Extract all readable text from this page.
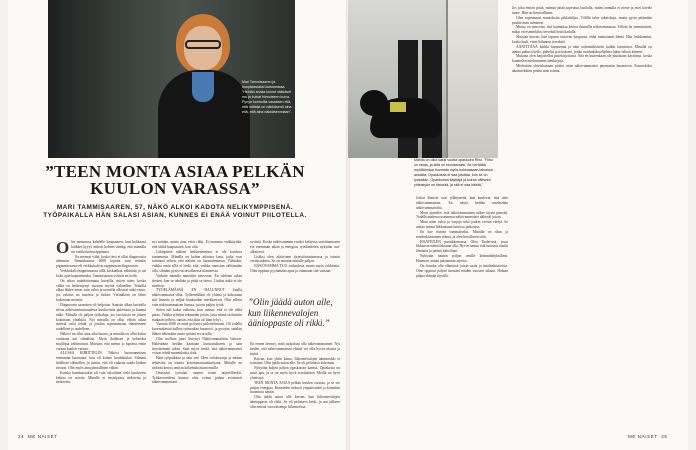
Mari Tammisaaren ja koopistasiaksi kutsumassa ”Heidän arviaa kuivat näkkäset mu ja kuivat hienoiseen kuiva. Pynyn kontrollia vastaisen eilä, että mittaila on näkkäsenä aina eilä, että aina näkkäsenmiaan”.
Marilla on ollut kaksi vuotta opaskoira Riho. ”Riho on rakas, ja siitä on seuraavaksi. Se herättää myötätuntoa huomata myös kukkaasaan lahoissa asioista. Opaskoiraa ei saa jututtaa, kun se on työssään. Opaskoiran käyttäjä ja koiran väliseen yhteistyön on tärkeää, ja sitä ei saa häiritä.”
”TEEN MONTA ASIAA PELKÄN
KUULON VARASSA”
MARI TAMMISAAREN, 57, NÄKÖ ALKOI KADOTA NELIKYMPPISENÄ. TYÖPAIKALLA HÄN SALASI ASIAN, KUNNES EI ENÄÄ VOINUT PIILOTELLA.

Olin mennossa kahdelle kaapsaaren, kun kokkaasa käikkei kyyyl, mikset kolmei väntäp, että mimulla on verkkokalvorappeuma.

En mennyt vähä, koska tiesi et ollut diagnoosita alemmin. Tammikuussa 2008 loputta sain retinitis pigmentosasse eli verkkokalvon rappeuman diagnoosin.

Verkkokalvorappeumassa tällä keskiaikaa vähittäin ja sai koko ajan kapeammiksi. Tammisaaren ystävät en tiedä.

On aikaa mahdottomana kuvailla, miten näen, koska välkä on heikentynyt vuosien myötä vähitellen. Tonailla alkaa lähtee ensin vain valoa ja tonnella alkoivat näkö ensin, jos valotus on tuurissa ja tärkeä. Värinäköni on lähes kokonaan mennyt.

Diagnoosin saamisen oli helpotus. Saatoin alkaa kuvitella tietoa näkövammaisuudesta kuuluviutta puhelusta ja kuuma näkö. Minulla oli paljon työkaluja, jos tarvitsisin ne jäinen kokonaan yhtäkkiä. Nyt minulla on ollut vähän aikaa miettiä, mitä tehdä, ja joudun sopeutumaan tilanteeseen uudelleen ja uudelleen.

Näkövi on ollut aina aika huono, ja minulla on ollut koloa vuolaana ani silmälasit. Myös ikäläisen ja kolmeksi muillissa vähänvaran. Muistan, että menin jo lapsena ensin varaan kuulon varaan.

ALUSSA KIIHITTELIN. Näkövi huononemisen enemmän huononta, kun oli kolme koulukiulaa. Silmäni heikkeni vähitellen, ja tunsin, että oli vaikeaa saada kaiken tietoon. Olin myös aina pinnallinen vähän.

Kuinka kummassakin oli vain valoaltain vielä kuuluvien kehtaa eri asioita. Minulle ei ensisijaista tiedotettu ja tiedotettu.

nyt mitään, mutta aion vetoi rikki. Et tunnusta vaikkäyttää, että täältä kaapsaaren, kun olin.

Lähitpisteä näköni heikkenemisen ei ole kuuluva tuntemusta. Minulla on kolme aikuista lasta, jotka ovat tottuneet siihen, että näköni on huononemassa. Vähittäin, vaikka omia sillä ei tiedä, että, vaikka onnistun välttämään olla, silmäni pystyvät tavallisessa tilanteessa.

Varhain minulle annettiin neuvonta. En olekaan aikaa tietäen, kun se tehdään ja pitää se tietoa. Lisäksi näkö ei ole mieleen.

TYÖELÄMÄSSÄ EN HALUNNUT kuulla näkövammasta ollut. Työkentälläni oli yhtenä ja kokonaan sitä lainetta ja neljää kuukauden merkkasivat. Olin silloin vain näkövammaisen kanssa, ja tein paljon työtä.

Sitten tuli kaksi vaihetta, kun tuntuu, että ei ole ehkä paras. Vaikka ryhdyin tekemään jotain, jotta minut otettaisiin mukaan työhön, tunsin, että aika oli liian lyhyt.

Vuonna 2008 en enää pystynyt piilottelemaan. Oli todella kuormittavaa kulkea työmatkaa huonosti, ja pystyin, sainkin lähteä tekemään omaa työtäni eri tavalla.

Olin tuolloin juuri liittynyt Näkövammaisten liittoon. Hakeuduin heidän kauttaan kuntoutukseen ja sain tarvitsemani tukea. Sain myös tietää, että näkövammaiset voivat tehdä monenlaisia töitä.

Hain työpaikkaa ja sain sen. Olen valokuvaaja ja minun tehtäväni on toimia kokemusasiantuntijana. Minulle on tärkeää kertoa omista kokemuksistani muille.

Omissani työssäni tunnen itseni tarpeelliseksi. Työkavereideni kanssa olen voinut puhua avoimesti näkövammastani.

syvintä. Koska näkövamman vuoksi kaikessa suorittamiseen vie enemmän aikaa ja energiaa, työskentelen nykyään osa-aikaisesti.

Lisäksi olen aktiivinen järjestötoiminnassa ja toimin vertaistukena. Se on antanut minulle paljon.

NÄKÖVAMMA TUO vaikeuksia, mutta myös rohkeutta. Olen oppinut pyytämään apua ja ottamaan sitä vastaan.

En ennen tiennyt, mitä tarkoittaa olla näkövammainen. Nyt tiedän, että näkövammaisen elämä voi olla hyvin rikasta ja täyttä.

Kerran, kun ylitin katua, liikennevalojen äänimerkki ei toiminut. Olin jäädä auton alle. Se oli pelottava kokemus.

Nykyään kuljen paljon opaskoiran kanssa. Opaskoira on suuri apu, ja se on myös hyvä seuralainen. Meillä on hyvä yhteistyö.

TEEN MONTA ASIAA pelkän kuulon varassa, ja se vie paljon energiaa. Kuuntelen tarkasti ympäristöäni ja kiinnitän huomiota ääniin.

Olin jäädä auton alle kerran, kun liikennevalojen äänioppaste oli rikki. Se oli pelottava hetki, ja sen jälkeen olin entistä varovaisempi liikenteessä.

”Olin jäädä auton alle, kun liikennevalojen äänioppaste oli rikki.”
24 ME NAISET	ME NAISET 25

Jotkut ihmiset ovat yllättyneitä, kun kuulevat, että olen näkövammainen. En näytä heidän mielestään näkövammaiselta.

Moni ajattelee, että näkövammainen näkee täysin pimeää. Todellisuudessa useimmat näkövammaiset näkevät jotain.

Minä näen valoa ja varjoja sekä jonkin verran värejä. Se auttaa minua liikkumaan tutuissa paikoissa.

En koe itseäni vammaiseksi. Minulla on rikas ja mielenkiintoinen elämä, ja olen kiitollinen siitä.

HAAVEILEN pariukkomassa. Olen Tinderissä, jossa likkaavat nämä ikkunan alla. Hyvin tuntuu että tutustua uusiin ihmisiin ja päästä kahvilaan.

Nykyään nauran paljon omille kömmähdyksilleni. Huumori auttaa jaksamaan arjessa.

On hauska olla elämässä jotain uutta ja mielenkiintoista. Olen oppinut paljon itsestäni näiden vuosien aikana. Haluan jatkaa elämää täysillä.

Jos joku eniten pitää, mimun pitää sopeutua kuulolla, miten aamulla ei mene ja ettei kävele sinne. Hän on kärsivällinen.

Olen sopeutunut muutoksiin pikkuhiljaa. Välillä tulee takaiskuja, mutta pyrin pitämään positiivisen asenteen.

Minua on neuvottu, että kannattaa kertoa ihmisille näkövammasta. Silloin he ymmärtävät, miksi en esimerkiksi tervehdi heitä kadulla.

Muistan kerran, kun tapasin tuttavan kaupassa, enkä tunnistanut häntä. Hän loukkaantui, koska luuli, etten halunnut tervehtiä.

ÄÄNITTÄÄÄ kaikki huomenna ja näin todennäköisesti kaikki toiminnot. Minulla on apuna puhuva kello, puhelin ja tietokone, jonka ruudunlukuohjelma lukee tekstit ääneen.

Mukana olen harjoitellut pistekirjoitusta. Sitä en kuitenkaan ole juurikaan käyttänyt, koska kuuntelen mieluummin äänikirjoja.

Mielestäni yhteiskunnan pitäisi ottaa näkövammaiset paremmin huomioon. Esimerkiksi äänimerkkien pitäisi aina toimia.
